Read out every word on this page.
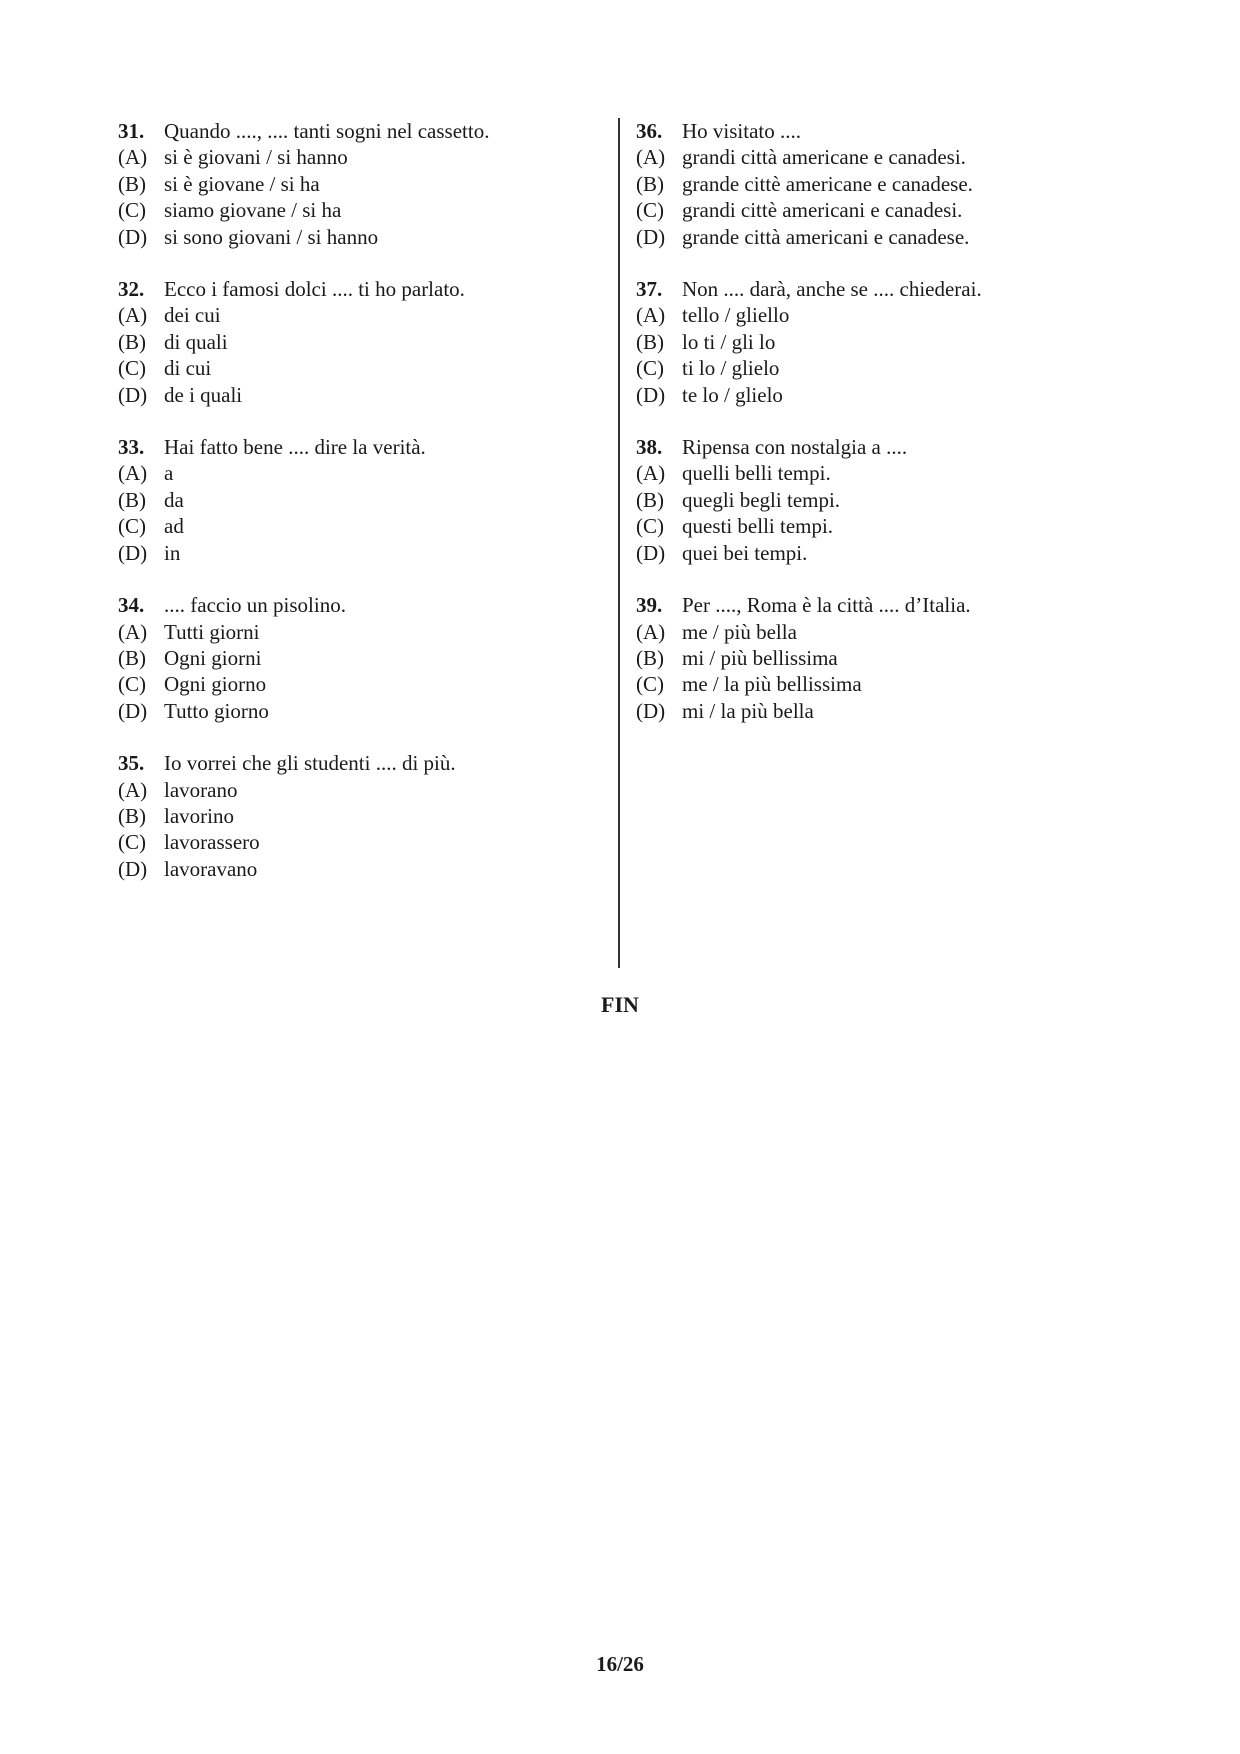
31. Quando ...., .... tanti sogni nel cassetto.
(A) si è giovani / si hanno
(B) si è giovane / si ha
(C) siamo giovane / si ha
(D) si sono giovani / si hanno
32. Ecco i famosi dolci .... ti ho parlato.
(A) dei cui
(B) di quali
(C) di cui
(D) de i quali
33. Hai fatto bene .... dire la verità.
(A) a
(B) da
(C) ad
(D) in
34. .... faccio un pisolino.
(A) Tutti giorni
(B) Ogni giorni
(C) Ogni giorno
(D) Tutto giorno
35. Io vorrei che gli studenti .... di più.
(A) lavorano
(B) lavorino
(C) lavorassero
(D) lavoravano
36. Ho visitato ....
(A) grandi città americane e canadesi.
(B) grande cittè americane e canadese.
(C) grandi cittè americani e canadesi.
(D) grande città americani e canadese.
37. Non .... darà, anche se .... chiederai.
(A) tello / gliello
(B) lo ti / gli lo
(C) ti lo / glielo
(D) te lo / glielo
38. Ripensa con nostalgia a ....
(A) quelli belli tempi.
(B) quegli begli tempi.
(C) questi belli tempi.
(D) quei bei tempi.
39. Per ...., Roma è la città .... d’Italia.
(A) me / più bella
(B) mi / più bellissima
(C) me / la più bellissima
(D) mi / la più bella
FIN
16/26
